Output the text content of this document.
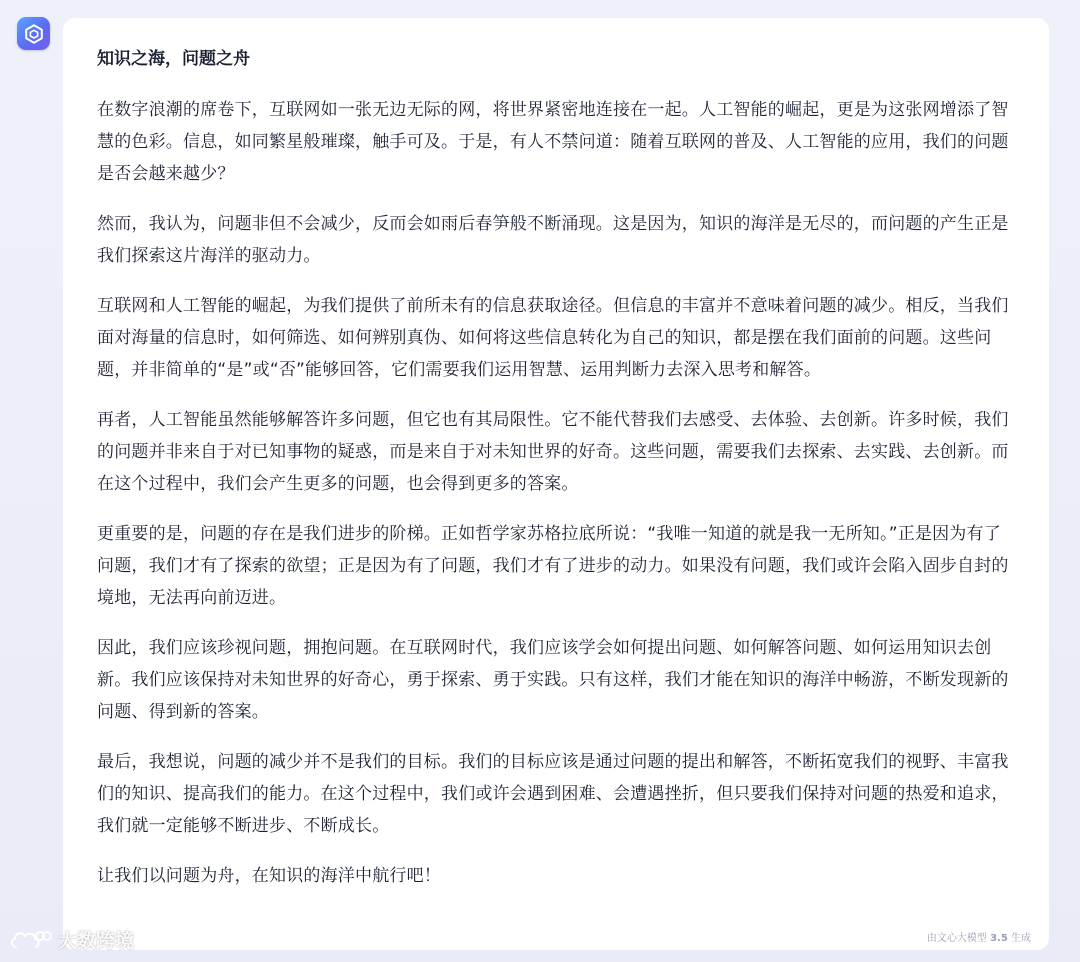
知识之海，问题之舟

在数字浪潮的席卷下，互联网如一张无边无际的网，将世界紧密地连接在一起。人工智能的崛起，更是为这张网增添了智慧的色彩。信息，如同繁星般璀璨，触手可及。于是，有人不禁问道：随着互联网的普及、人工智能的应用，我们的问题是否会越来越少？

然而，我认为，问题非但不会减少，反而会如雨后春笋般不断涌现。这是因为，知识的海洋是无尽的，而问题的产生正是我们探索这片海洋的驱动力。

互联网和人工智能的崛起，为我们提供了前所未有的信息获取途径。但信息的丰富并不意味着问题的减少。相反，当我们面对海量的信息时，如何筛选、如何辨别真伪、如何将这些信息转化为自己的知识，都是摆在我们面前的问题。这些问题，并非简单的“是”或“否”能够回答，它们需要我们运用智慧、运用判断力去深入思考和解答。

再者，人工智能虽然能够解答许多问题，但它也有其局限性。它不能代替我们去感受、去体验、去创新。许多时候，我们的问题并非来自于对已知事物的疑惑，而是来自于对未知世界的好奇。这些问题，需要我们去探索、去实践、去创新。而在这个过程中，我们会产生更多的问题，也会得到更多的答案。

更重要的是，问题的存在是我们进步的阶梯。正如哲学家苏格拉底所说：“我唯一知道的就是我一无所知。”正是因为有了问题，我们才有了探索的欲望；正是因为有了问题，我们才有了进步的动力。如果没有问题，我们或许会陷入固步自封的境地，无法再向前迈进。

因此，我们应该珍视问题，拥抱问题。在互联网时代，我们应该学会如何提出问题、如何解答问题、如何运用知识去创新。我们应该保持对未知世界的好奇心，勇于探索、勇于实践。只有这样，我们才能在知识的海洋中畅游，不断发现新的问题、得到新的答案。

最后，我想说，问题的减少并不是我们的目标。我们的目标应该是通过问题的提出和解答，不断拓宽我们的视野、丰富我们的知识、提高我们的能力。在这个过程中，我们或许会遇到困难、会遭遇挫折，但只要我们保持对问题的热爱和追求，我们就一定能够不断进步、不断成长。

让我们以问题为舟，在知识的海洋中航行吧！

由文心大模型 3.5 生成
大数跨境
